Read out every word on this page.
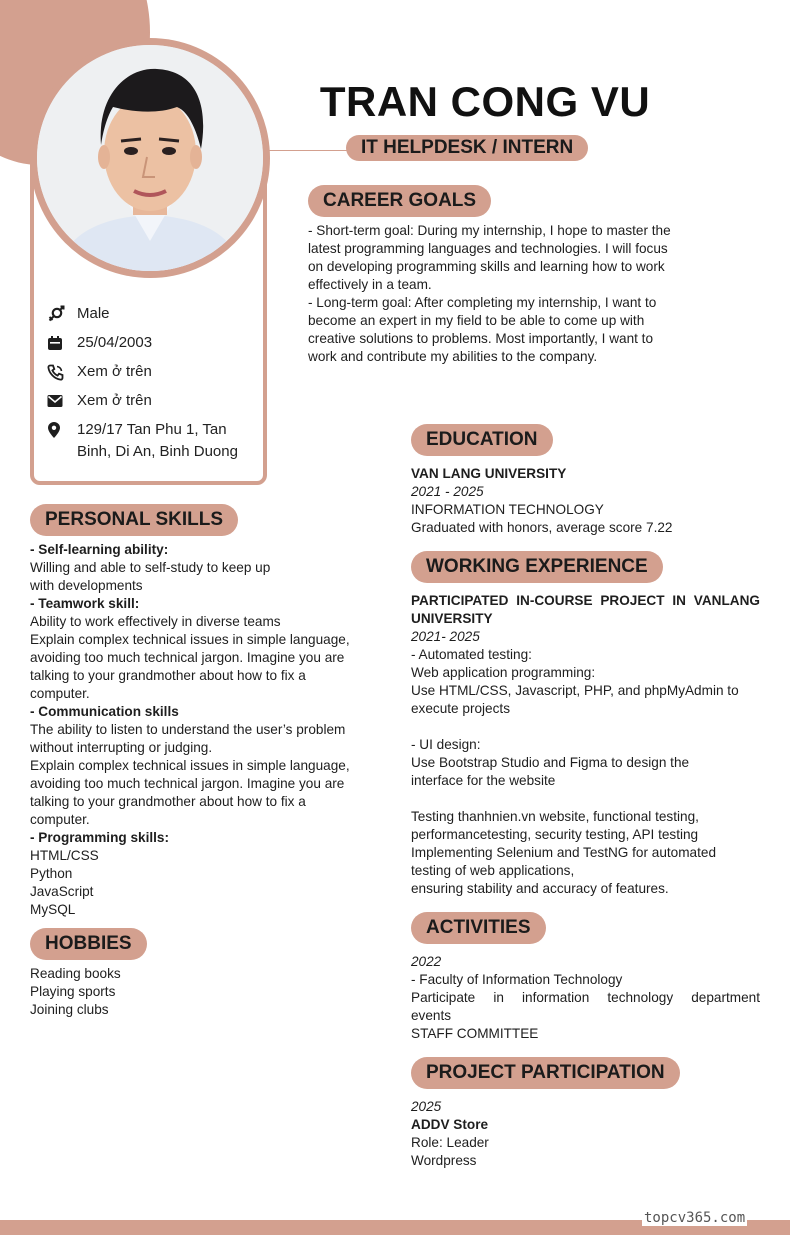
TRAN CONG VU
IT HELPDESK / INTERN
CAREER GOALS

- Short-term goal: During my internship, I hope to master the

latest programming languages and technologies. I will focus

on developing programming skills and learning how to work

effectively in a team.

- Long-term goal: After completing my internship, I want to

become an expert in my field to be able to come up with

creative solutions to problems. Most importantly, I want to

work and contribute my abilities to the company.

Male
25/04/2003
Xem ở trên
Xem ở trên
129/17 Tan Phu 1, Tan
Binh, Di An, Binh Duong
PERSONAL SKILLS

- Self-learning ability:

Willing and able to self-study to keep up

with developments

- Teamwork skill:

Ability to work effectively in diverse teams

Explain complex technical issues in simple language,

avoiding too much technical jargon. Imagine you are

talking to your grandmother about how to fix a

computer.

- Communication skills

The ability to listen to understand the user’s problem

without interrupting or judging.

Explain complex technical issues in simple language,

avoiding too much technical jargon. Imagine you are

talking to your grandmother about how to fix a

computer.

- Programming skills:

HTML/CSS

Python

JavaScript

MySQL

HOBBIES

Reading books

Playing sports

Joining clubs

EDUCATION

VAN LANG UNIVERSITY

2021 - 2025

INFORMATION TECHNOLOGY

Graduated with honors, average score 7.22

WORKING EXPERIENCE

PARTICIPATED IN-COURSE PROJECT IN VANLANG

UNIVERSITY

2021- 2025

- Automated testing:

Web application programming:

Use HTML/CSS, Javascript, PHP, and phpMyAdmin to

execute projects

- UI design:

Use Bootstrap Studio and Figma to design the

interface for the website

Testing thanhnien.vn website, functional testing,

performancetesting, security testing, API testing

Implementing Selenium and TestNG for automated

testing of web applications,

ensuring stability and accuracy of features.

ACTIVITIES

2022

- Faculty of Information Technology

Participate in information technology department

events

STAFF COMMITTEE

PROJECT PARTICIPATION

2025

ADDV Store

Role: Leader

Wordpress

topcv365.com
